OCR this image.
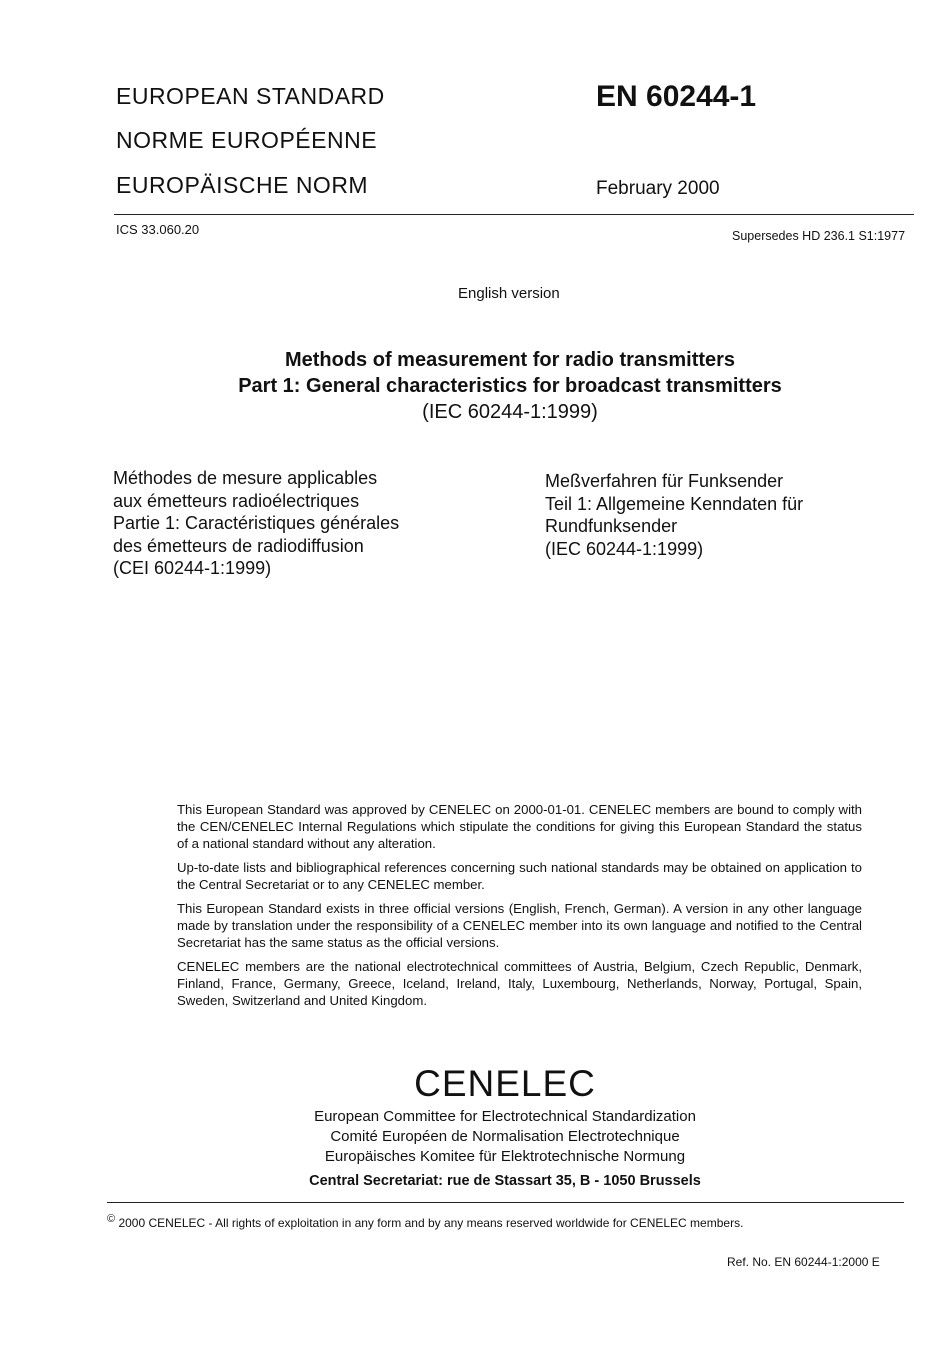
EUROPEAN STANDARD
NORME EUROPÉENNE
EUROPÄISCHE NORM
EN 60244-1
February 2000
ICS 33.060.20	Supersedes HD 236.1 S1:1977
English version
Methods of measurement for radio transmitters
Part 1: General characteristics for broadcast transmitters
(IEC 60244-1:1999)
Méthodes de mesure applicables
aux émetteurs radioélectriques
Partie 1: Caractéristiques générales
des émetteurs de radiodiffusion
(CEI 60244-1:1999)
Meßverfahren für Funksender
Teil 1: Allgemeine Kenndaten für
Rundfunksender
(IEC 60244-1:1999)

This European Standard was approved by CENELEC on 2000-01-01. CENELEC members are bound to comply with the CEN/CENELEC Internal Regulations which stipulate the conditions for giving this European Standard the status of a national standard without any alteration.

Up-to-date lists and bibliographical references concerning such national standards may be obtained on application to the Central Secretariat or to any CENELEC member.

This European Standard exists in three official versions (English, French, German). A version in any other language made by translation under the responsibility of a CENELEC member into its own language and notified to the Central Secretariat has the same status as the official versions.

CENELEC members are the national electrotechnical committees of Austria, Belgium, Czech Republic, Denmark, Finland, France, Germany, Greece, Iceland, Ireland, Italy, Luxembourg, Netherlands, Norway, Portugal, Spain, Sweden, Switzerland and United Kingdom.

CENELEC
European Committee for Electrotechnical Standardization
Comité Européen de Normalisation Electrotechnique
Europäisches Komitee für Elektrotechnische Normung
Central Secretariat: rue de Stassart 35, B - 1050 Brussels
© 2000 CENELEC - All rights of exploitation in any form and by any means reserved worldwide for CENELEC members.
Ref. No. EN 60244-1:2000 E
